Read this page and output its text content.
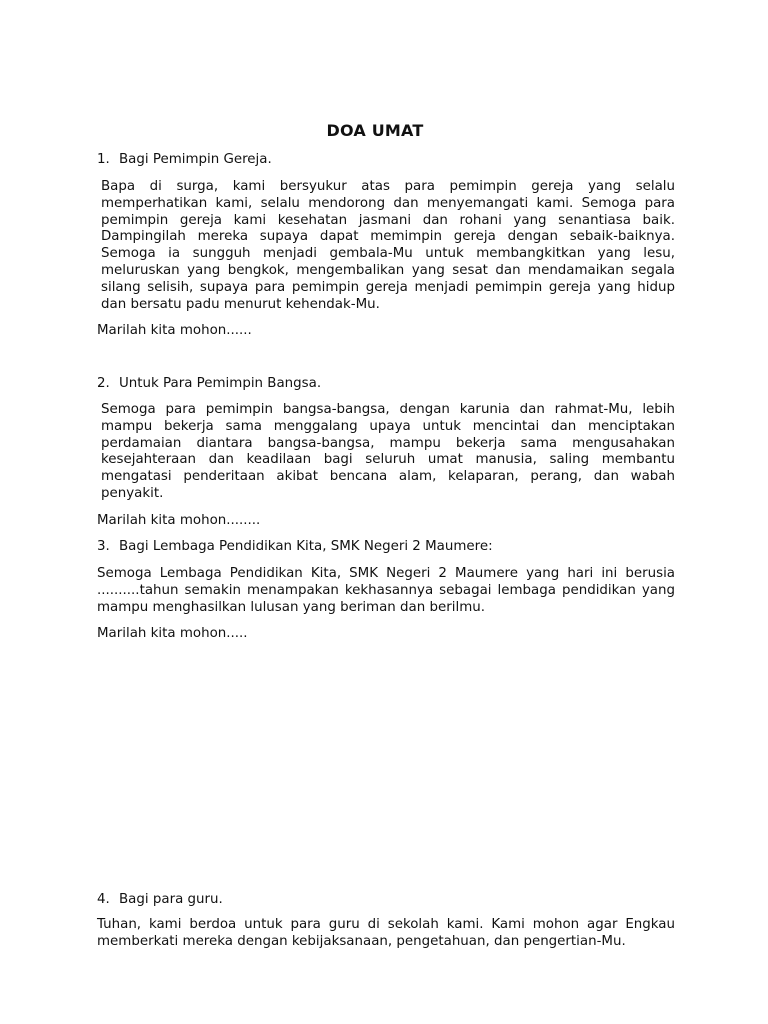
DOA UMAT
1. Bagi Pemimpin Gereja.
Bapa di surga, kami bersyukur atas para pemimpin gereja yang selalu memperhatikan kami, selalu mendorong dan menyemangati kami. Semoga para pemimpin gereja kami kesehatan jasmani dan rohani yang senantiasa baik. Dampingilah mereka supaya dapat memimpin gereja dengan sebaik-baiknya. Semoga ia sungguh menjadi gembala-Mu untuk membangkitkan yang lesu, meluruskan yang bengkok, mengembalikan yang sesat dan mendamaikan segala silang selisih, supaya para pemimpin gereja menjadi pemimpin gereja yang hidup dan bersatu padu menurut kehendak-Mu.
Marilah kita mohon......
2. Untuk Para Pemimpin Bangsa.
Semoga para pemimpin bangsa-bangsa, dengan karunia dan rahmat-Mu, lebih mampu bekerja sama menggalang upaya untuk mencintai dan menciptakan perdamaian diantara bangsa-bangsa, mampu bekerja sama mengusahakan kesejahteraan dan keadilaan bagi seluruh umat manusia, saling membantu mengatasi penderitaan akibat bencana alam, kelaparan, perang, dan wabah penyakit.
Marilah kita mohon........
3. Bagi Lembaga Pendidikan Kita, SMK Negeri 2 Maumere:
Semoga Lembaga Pendidikan Kita, SMK Negeri 2 Maumere yang hari ini berusia ..........tahun semakin menampakan kekhasannya sebagai lembaga pendidikan yang mampu menghasilkan lulusan yang beriman dan berilmu.
Marilah kita mohon.....
4. Bagi para guru.
Tuhan, kami berdoa untuk para guru di sekolah kami. Kami mohon agar Engkau memberkati mereka dengan kebijaksanaan, pengetahuan, dan pengertian-Mu.
